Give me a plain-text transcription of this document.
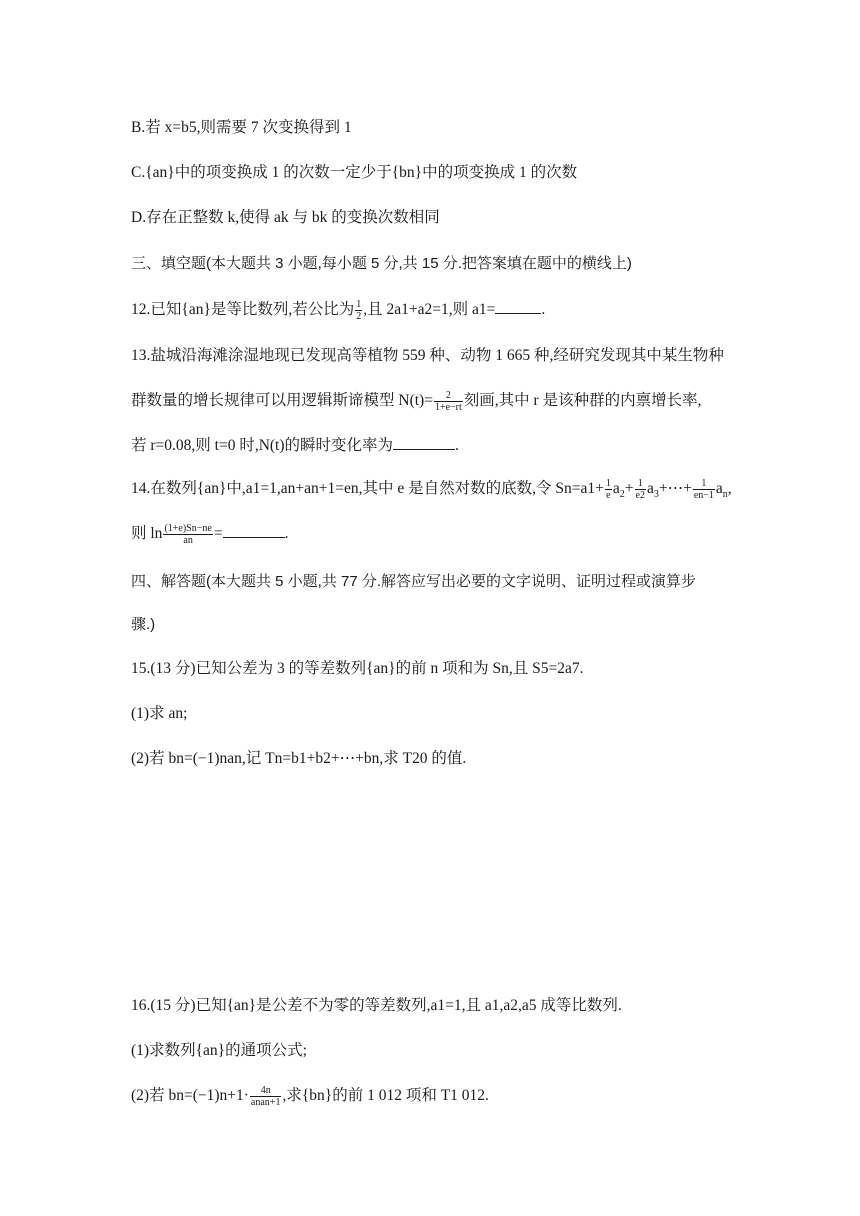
B.若 x=b5,则需要 7 次变换得到 1
C.{an}中的项变换成 1 的次数一定少于{bn}中的项变换成 1 的次数
D.存在正整数 k,使得 ak 与 bk 的变换次数相同
三、填空题(本大题共 3 小题,每小题 5 分,共 15 分.把答案填在题中的横线上)
12.已知{an}是等比数列,若公比为 $\frac{1}{2}$ ,且 2a1+a2=1,则 a1=	.
13.盐城沿海滩涂湿地现已发现高等植物 559 种、动物 1 665 种,经研究发现其中某生物种
群数量的增长规律可以用逻辑斯谛模型 $N(t)= \frac{2}{1+e-rt}$ 刻画,其中 r 是该种群的内禀增长率,
若 r=0.08,则 t=0 时,N(t)的瞬时变化率为	.
14.在数列{an}中,a1=1,an+an+1=en,其中 e 是自然对数的底数,令 $Sn=a1+ \frac{1}{e} a_2+ \frac{1}{e2}$ $a_3+\cdots+ \frac{1}{en-1} a_n$,
则 $\ln \frac{(1+e)Sn-ne}{an}$ =	.
四、解答题(本大题共 5 小题,共 77 分.解答应写出必要的文字说明、证明过程或演算步
骤.)
15.(13 分)已知公差为 3 的等差数列{an}的前 n 项和为 Sn,且 S5=2a7.
(1)求 an;
(2)若 bn=(−1)nan,记 Tn=b1+b2+⋯+bn,求 T20 的值.
16.(15 分)已知{an}是公差不为零的等差数列,a1=1,且 a1,a2,a5 成等比数列.
(1)求数列{an}的通项公式;
(2)若 $bn=(-1)n+1\cdot \frac{4n}{\text{anan+1}}$ ,求{bn}的前 1 012 项和 T1 012.
